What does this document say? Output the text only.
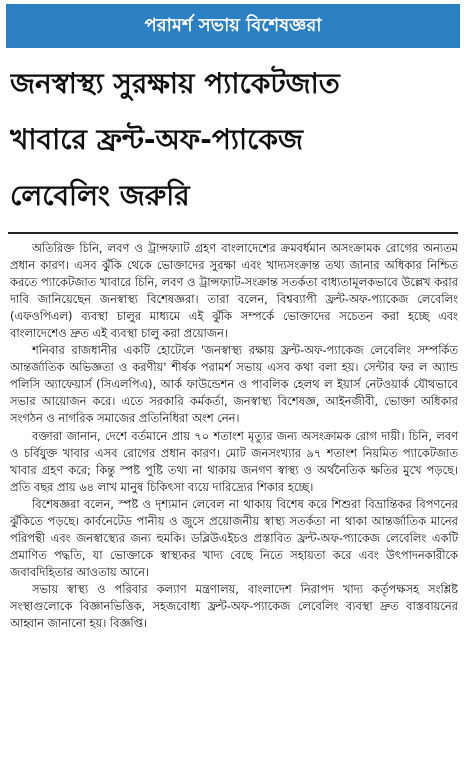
পরামর্শ সভায় বিশেষজ্ঞরা
জনস্বাস্থ্য সুরক্ষায় প্যাকেটজাত
খাবারে ফ্রন্ট-অফ-প্যাকেজ
লেবেলিং জরুরি

অতিরিক্ত চিনি, লবণ ও ট্রান্সফ্যাট গ্রহণ বাংলাদেশের ক্রমবর্ধমান অসংক্রামক রোগের অন্যতম প্রধান কারণ। এসব ঝুঁকি থেকে ভোক্তাদের সুরক্ষা এবং খাদ্যসংক্রান্ত তথ্য জানার অধিকার নিশ্চিত করতে প্যাকেটজাত খাবারে চিনি, লবণ ও ট্রান্সফ্যাট-সংক্রান্ত সতর্কতা বাধ্যতামূলকভাবে উল্লেখ করার দাবি জানিয়েছেন জনস্বাস্থ্য বিশেষজ্ঞরা। তারা বলেন, বিশ্বব্যাপী ফ্রন্ট-অফ-প্যাকেজ লেবেলিং (এফওপিএল) ব্যবস্থা চালুর মাধ্যমে এই ঝুঁকি সম্পর্কে ভোক্তাদের সচেতন করা হচ্ছে এবং বাংলাদেশেও দ্রুত এই ব্যবস্থা চালু করা প্রয়োজন।

শনিবার রাজধানীর একটি হোটেলে 'জনস্বাস্থ্য রক্ষায় ফ্রন্ট-অফ-প্যাকেজ লেবেলিং সম্পর্কিত আন্তর্জাতিক অভিজ্ঞতা ও করণীয়' শীর্ষক পরামর্শ সভায় এসব কথা বলা হয়। সেন্টার ফর ল অ্যান্ড পলিসি অ্যাফেয়ার্স (সিএলপিএ), আর্ক ফাউন্ডেশন ও পাবলিক হেলথ ল ইয়ার্স নেটওয়ার্ক যৌথভাবে সভার আয়োজন করে। এতে সরকারি কর্মকর্তা, জনস্বাস্থ্য বিশেষজ্ঞ, আইনজীবী, ভোক্তা অধিকার সংগঠন ও নাগরিক সমাজের প্রতিনিধিরা অংশ নেন।

বক্তারা জানান, দেশে বর্তমানে প্রায় ৭০ শতাংশ মৃত্যুর জন্য অসংক্রামক রোগ দায়ী। চিনি, লবণ ও চর্বিযুক্ত খাবার এসব রোগের প্রধান কারণ। মোট জনসংখ্যার ৯৭ শতাংশ নিয়মিত প্যাকেটজাত খাবার গ্রহণ করে; কিন্তু স্পষ্ট পুষ্টি তথ্য না থাকায় জনগণ স্বাস্থ্য ও অর্থনৈতিক ক্ষতির মুখে পড়ছে। প্রতি বছর প্রায় ৬৪ লাখ মানুষ চিকিৎসা ব্যয়ে দারিদ্র্যের শিকার হচ্ছে।

বিশেষজ্ঞরা বলেন, স্পষ্ট ও দৃশ্যমান লেবেল না থাকায় বিশেষ করে শিশুরা বিভ্রান্তিকর বিপণনের ঝুঁকিতে পড়ছে। কার্বনেটেড পানীয় ও জুসে প্রয়োজনীয় স্বাস্থ্য সতর্কতা না থাকা আন্তর্জাতিক মানের পরিপন্থী এবং জনস্বাস্থ্যের জন্য হুমকি। ডব্লিউএইচও প্রস্তাবিত ফ্রন্ট-অফ-প্যাকেজ লেবেলিং একটি প্রমাণিত পদ্ধতি, যা ভোক্তাকে স্বাস্থ্যকর খাদ্য বেছে নিতে সহায়তা করে এবং উৎপাদনকারীকে জবাবদিহিতার আওতায় আনে।

সভায় স্বাস্থ্য ও পরিবার কল্যাণ মন্ত্রণালয়, বাংলাদেশ নিরাপদ খাদ্য কর্তৃপক্ষসহ সংশ্লিষ্ট সংস্থাগুলোকে বিজ্ঞানভিত্তিক, সহজবোধ্য ফ্রন্ট-অফ-প্যাকেজ লেবেলিং ব্যবস্থা দ্রুত বাস্তবায়নের আহ্বান জানানো হয়। বিজ্ঞপ্তি।
